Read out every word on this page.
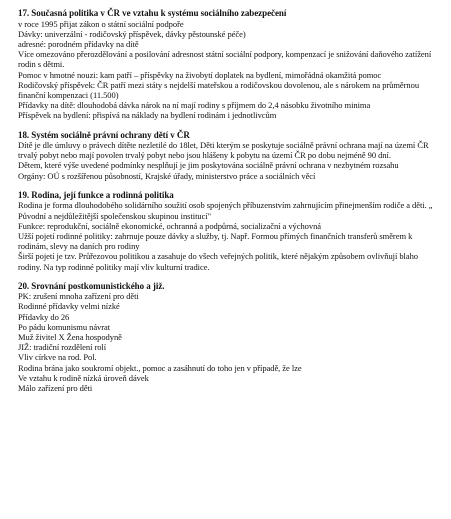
17. Současná politika v ČR ve vztahu k systému sociálního zabezpečení
v roce 1995 přijat zákon o státní sociální podpoře
Dávky: univerzální - rodičovský příspěvek, dávky pěstounské péče)
adresné: porodném přídavky na dítě
Více omezováno přerozdělování a posilování adresnost státní sociální podpory, kompenzací je snižování daňového zatížení rodin s dětmi.
Pomoc v hmotné nouzi: kam patří – příspěvky na živobytí doplatek na bydlení, mimořádná okamžitá pomoc
Rodičovský příspěvek: ČR patří mezi státy s nejdelší mateřskou a rodičovskou dovolenou, ale s nárokem na průměrnou finanční kompenzaci (11.500)
Přídavky na dítě: dlouhodobá dávka nárok na ní mají rodiny s příjmem do 2,4 násobku životního minima
Příspěvek na bydlení: přispívá na náklady na bydlení rodinám i jednotlivcům
18. Systém sociálně právní ochrany dětí v ČR
Dítě je dle úmluvy o právech dítěte nezletilé do 18let, Děti kterým se poskytuje sociálně právní ochrana mají na území ČR trvalý pobyt nebo mají povolen trvalý pobyt nebo jsou hlášeny k pobytu na území ČR po dobu nejméně 90 dní.
Dětem, které výše uvedené podmínky nesplňují je jim poskytována sociálně právní ochrana v nezbytném rozsahu
Orgány: OÚ s rozšířenou působností, Krajské úřady, ministerstvo práce a sociálních věcí
19. Rodina, její funkce a rodinná politika
Rodina je forma dlouhodobého solidárního soužití osob spojených příbuzenstvím zahrnujícím přinejmenším rodiče a děti. „ Původní a nejdůležitější společenskou skupinou institucí"
Funkce: reprodukční, sociálně ekonomické, ochranná a podpůrná, socializační a výchovná
Užší pojetí rodinné politiky: zahrnuje pouze dávky a služby, tj. Např. Formou přímých finančních transferů směrem k rodinám, slevy na daních pro rodiny
Širší pojetí je tzv. Průřezovou politikou a zasahuje do všech veřejných politik, které nějakým způsobem ovlivňují blaho rodiny. Na typ rodinné politiky mají vliv kulturní tradice.
20. Srovnání postkomunistického a již.
PK: zrušení mnoha zařízení pro děti
Rodinné přídavky velmi nízké
Přídavky do 26
Po pádu komunismu návrat
Muž živitel X Žena hospodyně
JIŽ: tradiční rozdělení rolí
Vliv církve na rod. Pol.
Rodina brána jako soukromí objekt., pomoc a zasáhnutí do toho jen v případě, že lze
Ve vztahu k rodině nízká úroveň dávek
Málo zařízení pro děti
